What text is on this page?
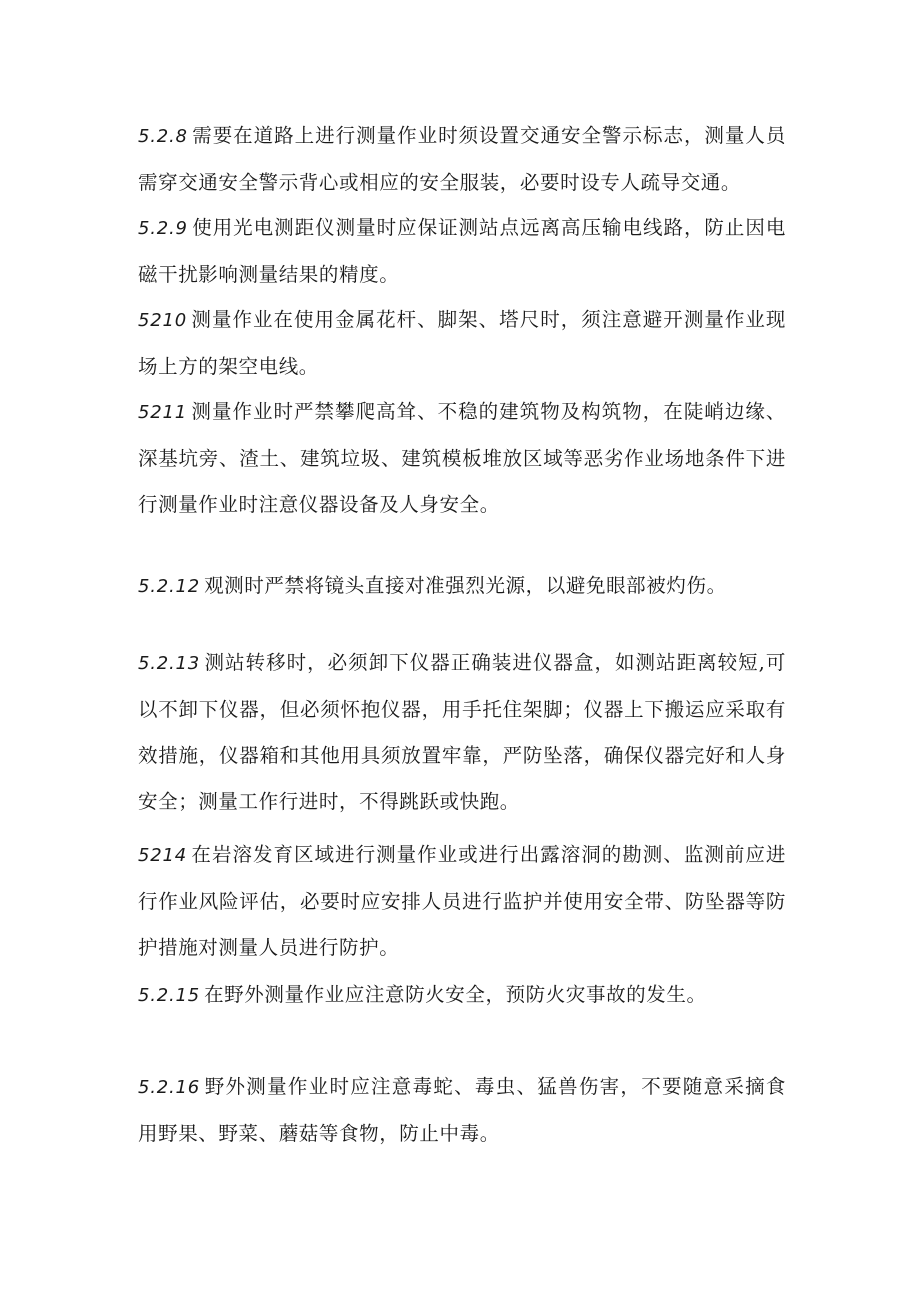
5.2.8 需要在道路上进行测量作业时须设置交通安全警示标志，测量人员需穿交通安全警示背心或相应的安全服装，必要时设专人疏导交通。

5.2.9 使用光电测距仪测量时应保证测站点远离高压输电线路，防止因电磁干扰影响测量结果的精度。

5210 测量作业在使用金属花杆、脚架、塔尺时，须注意避开测量作业现场上方的架空电线。

5211 测量作业时严禁攀爬高耸、不稳的建筑物及构筑物，在陡峭边缘、深基坑旁、渣土、建筑垃圾、建筑模板堆放区域等恶劣作业场地条件下进行测量作业时注意仪器设备及人身安全。

5.2.12 观测时严禁将镜头直接对准强烈光源，以避免眼部被灼伤。

5.2.13 测站转移时，必须卸下仪器正确装进仪器盒，如测站距离较短,可以不卸下仪器，但必须怀抱仪器，用手托住架脚；仪器上下搬运应采取有效措施，仪器箱和其他用具须放置牢靠，严防坠落，确保仪器完好和人身安全；测量工作行进时，不得跳跃或快跑。

5214 在岩溶发育区域进行测量作业或进行出露溶洞的勘测、监测前应进行作业风险评估，必要时应安排人员进行监护并使用安全带、防坠器等防护措施对测量人员进行防护。

5.2.15 在野外测量作业应注意防火安全，预防火灾事故的发生。

5.2.16 野外测量作业时应注意毒蛇、毒虫、猛兽伤害，不要随意采摘食用野果、野菜、蘑菇等食物，防止中毒。
